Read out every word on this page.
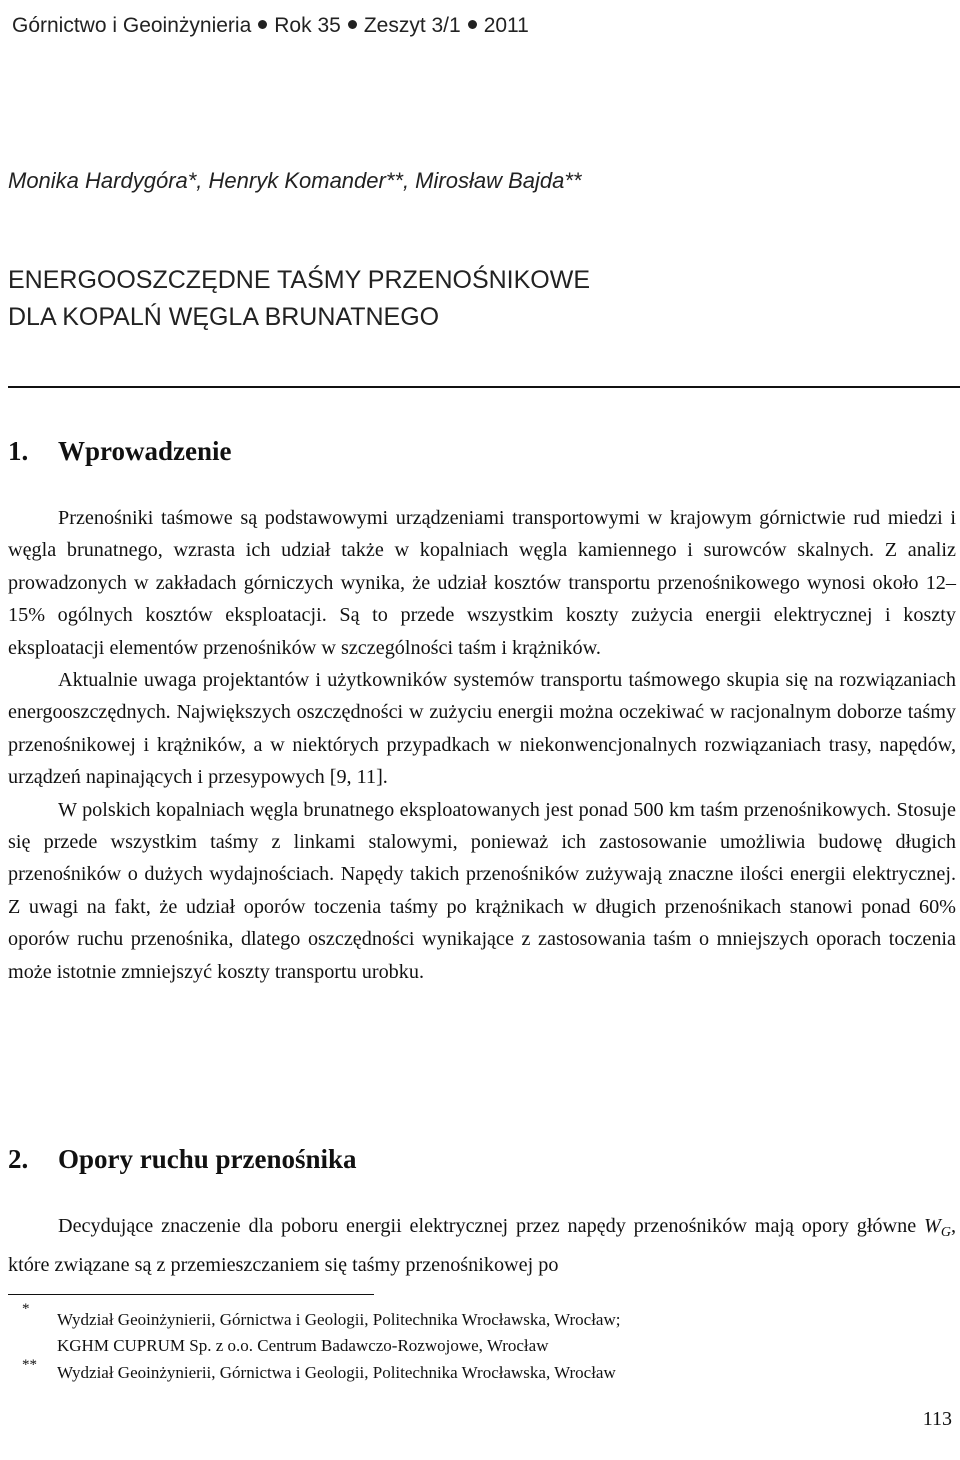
Górnictwo i Geoinżynieria Rok 35 Zeszyt 3/1 2011
Monika Hardygóra*, Henryk Komander**, Mirosław Bajda**
ENERGOOSZCZĘDNE TAŚMY PRZENOŚNIKOWE
DLA KOPALŃ WĘGLA BRUNATNEGO
1. Wprowadzenie

Przenośniki taśmowe są podstawowymi urządzeniami transportowymi w krajowym górnictwie rud miedzi i węgla brunatnego, wzrasta ich udział także w kopalniach węgla kamiennego i surowców skalnych. Z analiz prowadzonych w zakładach górniczych wynika, że udział kosztów transportu przenośnikowego wynosi około 12–15% ogólnych kosztów eksploatacji. Są to przede wszystkim koszty zużycia energii elektrycznej i koszty eksploatacji elementów przenośników w szczególności taśm i krążników.

Aktualnie uwaga projektantów i użytkowników systemów transportu taśmowego skupia się na rozwiązaniach energooszczędnych. Największych oszczędności w zużyciu energii można oczekiwać w racjonalnym doborze taśmy przenośnikowej i krążników, a w niektórych przypadkach w niekonwencjonalnych rozwiązaniach trasy, napędów, urządzeń napinających i przesypowych [9, 11].

W polskich kopalniach węgla brunatnego eksploatowanych jest ponad 500 km taśm przenośnikowych. Stosuje się przede wszystkim taśmy z linkami stalowymi, ponieważ ich zastosowanie umożliwia budowę długich przenośników o dużych wydajnościach. Napędy takich przenośników zużywają znaczne ilości energii elektrycznej. Z uwagi na fakt, że udział oporów toczenia taśmy po krążnikach w długich przenośnikach stanowi ponad 60% oporów ruchu przenośnika, dlatego oszczędności wynikające z zastosowania taśm o mniejszych oporach toczenia może istotnie zmniejszyć koszty transportu urobku.

2. Opory ruchu przenośnika

Decydujące znaczenie dla poboru energii elektrycznej przez napędy przenośników mają opory główne $W_G$, które związane są z przemieszczaniem się taśmy przenośnikowej po

*
Wydział Geoinżynierii, Górnictwa i Geologii, Politechnika Wrocławska, Wrocław;
KGHM CUPRUM Sp. z o.o. Centrum Badawczo-Rozwojowe, Wrocław
** Wydział Geoinżynierii, Górnictwa i Geologii, Politechnika Wrocławska, Wrocław
113
